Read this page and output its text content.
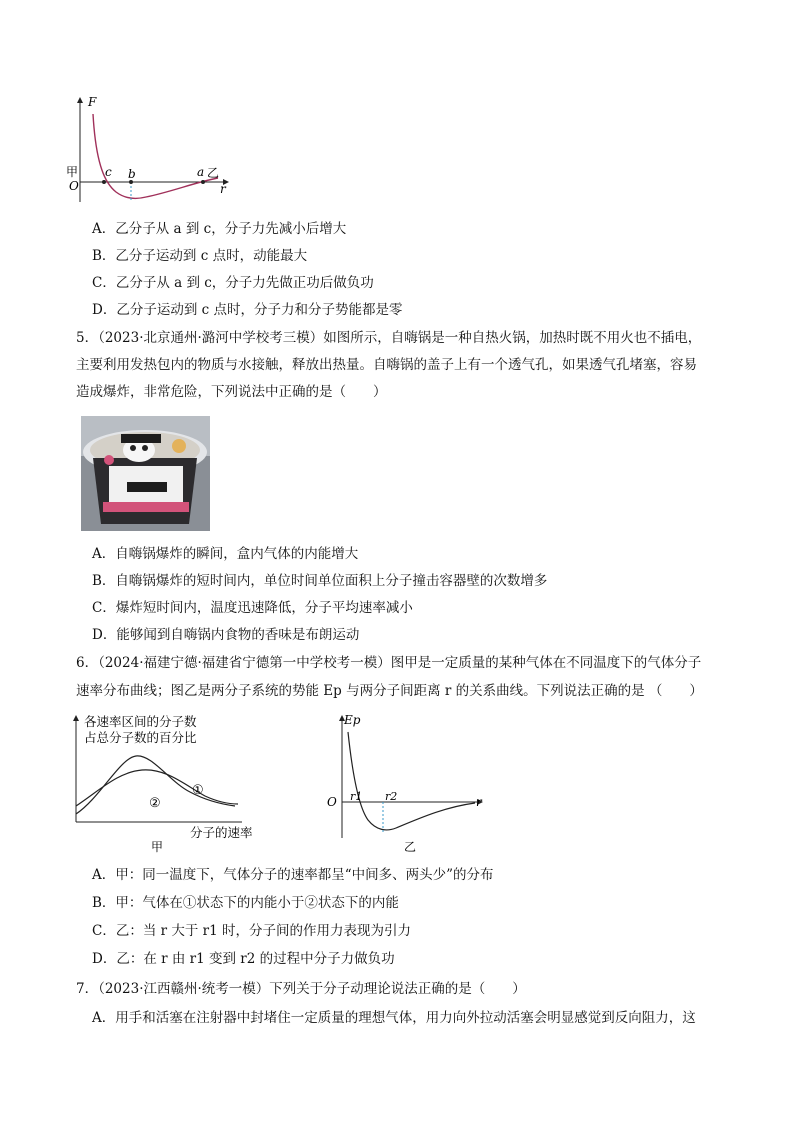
F
r
O
甲	乙
c b	a
A．乙分子从 a 到 c，分子力先减小后增大
B．乙分子运动到 c 点时，动能最大
C．乙分子从 a 到 c，分子力先做正功后做负功
D．乙分子运动到 c 点时，分子力和分子势能都是零
5．（2023·北京通州·潞河中学校考三模）如图所示，自嗨锅是一种自热火锅，加热时既不用火也不插电，
主要利用发热包内的物质与水接触，释放出热量。自嗨锅的盖子上有一个透气孔，如果透气孔堵塞，容易
造成爆炸，非常危险，下列说法中正确的是（　　）
A．自嗨锅爆炸的瞬间，盒内气体的内能增大
B．自嗨锅爆炸的短时间内，单位时间单位面积上分子撞击容器壁的次数增多
C．爆炸短时间内，温度迅速降低，分子平均速率减小
D．能够闻到自嗨锅内食物的香味是布朗运动
6．（2024·福建宁德·福建省宁德第一中学校考一模）图甲是一定质量的某种气体在不同温度下的气体分子
速率分布曲线；图乙是两分子系统的势能 Ep 与两分子间距离 r 的关系曲线。下列说法正确的是 （　　）
各速率区间的分子数
占总分子数的百分比
①
②
分子的速率
甲
Ep
r
O r1 r2
乙
A．甲：同一温度下，气体分子的速率都呈“中间多、两头少”的分布
B．甲：气体在①状态下的内能小于②状态下的内能
C．乙：当 r 大于 r1 时，分子间的作用力表现为引力
D．乙：在 r 由 r1 变到 r2 的过程中分子力做负功
7．（2023·江西赣州·统考一模）下列关于分子动理论说法正确的是（　　）
A．用手和活塞在注射器中封堵住一定质量的理想气体，用力向外拉动活塞会明显感觉到反向阻力，这
